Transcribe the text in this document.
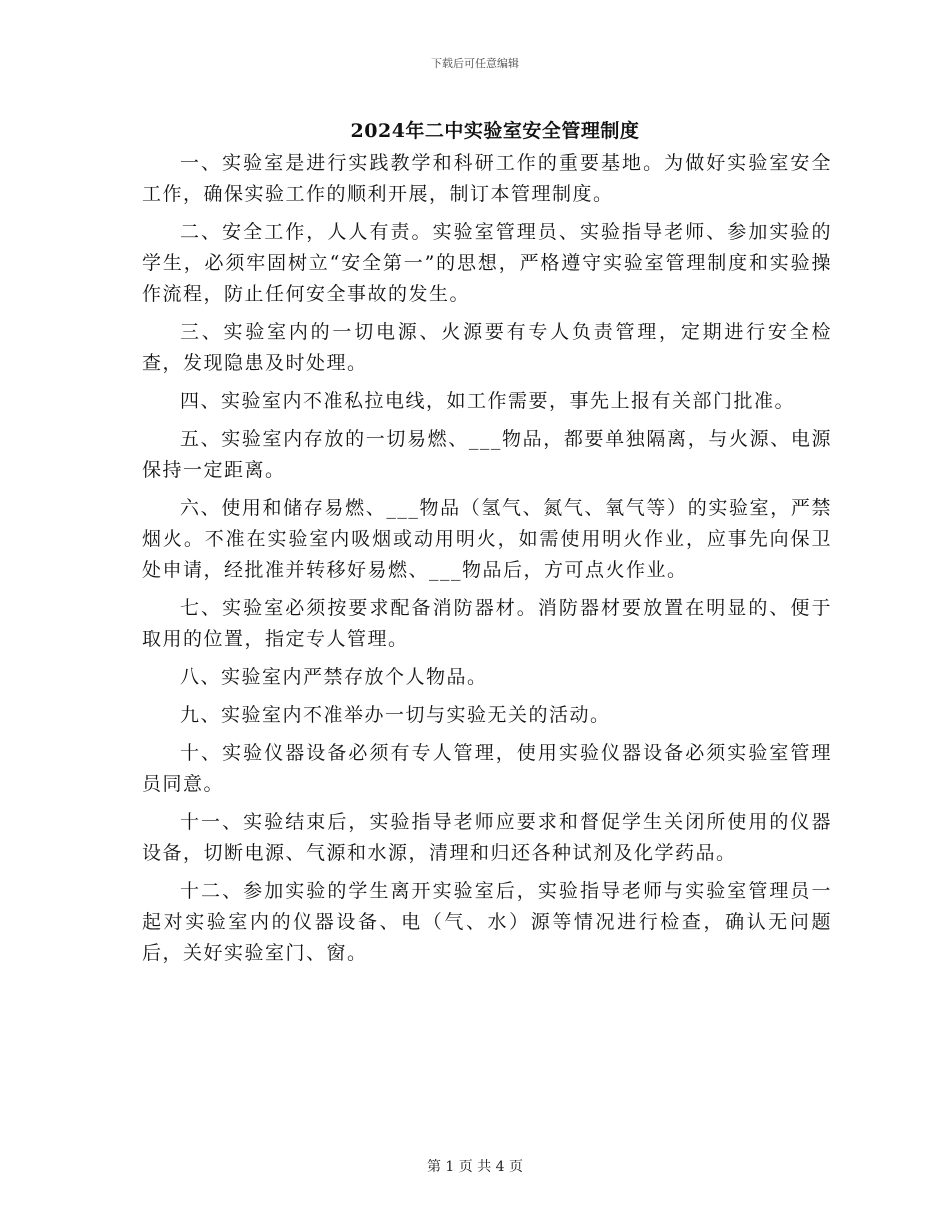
下载后可任意编辑
2024年二中实验室安全管理制度

一、实验室是进行实践教学和科研工作的重要基地。为做好实验室安全工作，确保实验工作的顺利开展，制订本管理制度。

二、安全工作，人人有责。实验室管理员、实验指导老师、参加实验的学生，必须牢固树立“安全第一”的思想，严格遵守实验室管理制度和实验操作流程，防止任何安全事故的发生。

三、实验室内的一切电源、火源要有专人负责管理，定期进行安全检查，发现隐患及时处理。

四、实验室内不准私拉电线，如工作需要，事先上报有关部门批准。

五、实验室内存放的一切易燃、___物品，都要单独隔离，与火源、电源保持一定距离。

六、使用和储存易燃、___物品（氢气、氮气、氧气等）的实验室，严禁烟火。不准在实验室内吸烟或动用明火，如需使用明火作业，应事先向保卫处申请，经批准并转移好易燃、___物品后，方可点火作业。

七、实验室必须按要求配备消防器材。消防器材要放置在明显的、便于取用的位置，指定专人管理。

八、实验室内严禁存放个人物品。

九、实验室内不准举办一切与实验无关的活动。

十、实验仪器设备必须有专人管理，使用实验仪器设备必须实验室管理员同意。

十一、实验结束后，实验指导老师应要求和督促学生关闭所使用的仪器设备，切断电源、气源和水源，清理和归还各种试剂及化学药品。

十二、参加实验的学生离开实验室后，实验指导老师与实验室管理员一起对实验室内的仪器设备、电（气、水）源等情况进行检查，确认无问题后，关好实验室门、窗。

第 1 页 共 4 页
